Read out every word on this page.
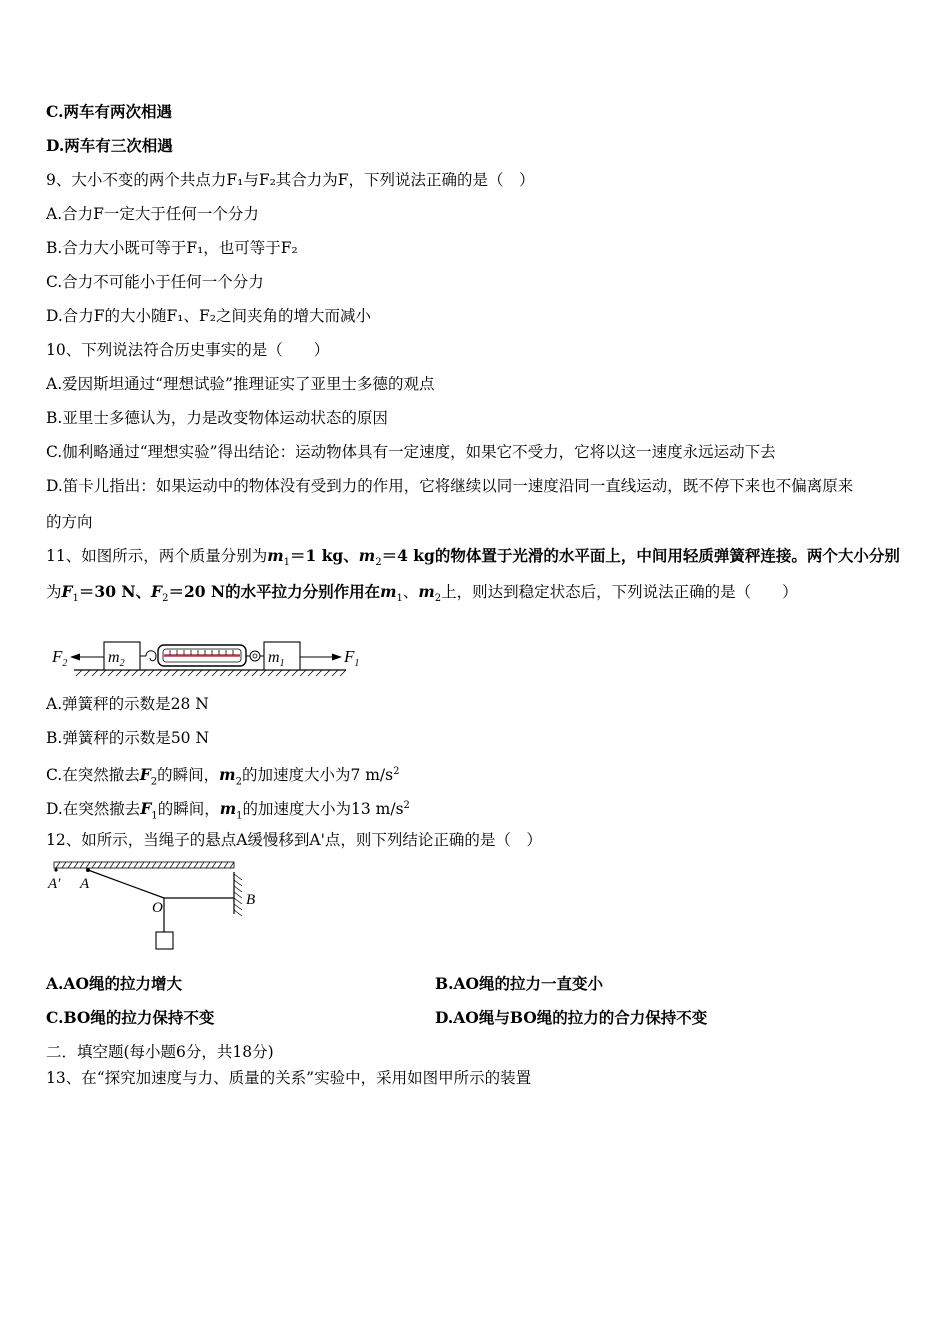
C.两车有两次相遇
D.两车有三次相遇
9、大小不变的两个共点力F₁与F₂其合力为F，下列说法正确的是（　）
A.合力F一定大于任何一个分力
B.合力大小既可等于F₁，也可等于F₂
C.合力不可能小于任何一个分力
D.合力F的大小随F₁、F₂之间夹角的增大而减小
10、下列说法符合历史事实的是（　　）
A.爱因斯坦通过“理想试验”推理证实了亚里士多德的观点
B.亚里士多德认为，力是改变物体运动状态的原因
C.伽利略通过“理想实验”得出结论：运动物体具有一定速度，如果它不受力，它将以这一速度永远运动下去
D.笛卡儿指出：如果运动中的物体没有受到力的作用，它将继续以同一速度沿同一直线运动，既不停下来也不偏离原来
的方向
11、如图所示，两个质量分别为$m_1=1$ kg、$m_2=4$ kg的物体置于光滑的水平面上，中间用轻质弹簧秤连接。两个大小分别
为$F_1=30$ N、$F_2=20$ N的水平拉力分别作用在$m_1$、$m_2$上，则达到稳定状态后，下列说法正确的是（　　）
$F_2$	$m_2$	$m_1$	$F_1$
A.弹簧秤的示数是28 N
B.弹簧秤的示数是50 N
C.在突然撤去$F_2$的瞬间，$m_2$的加速度大小为7 $m/s^2$
D.在突然撤去$F_1$的瞬间，$m_1$的加速度大小为13 $m/s^2$
12、如所示，当绳子的悬点A缓慢移到A'点，则下列结论正确的是（　）
A′ A
O	B
A.AO绳的拉力增大	B.AO绳的拉力一直变小
C.BO绳的拉力保持不变	D.AO绳与BO绳的拉力的合力保持不变
二．填空题(每小题6分，共18分)
13、在“探究加速度与力、质量的关系”实验中，采用如图甲所示的装置
